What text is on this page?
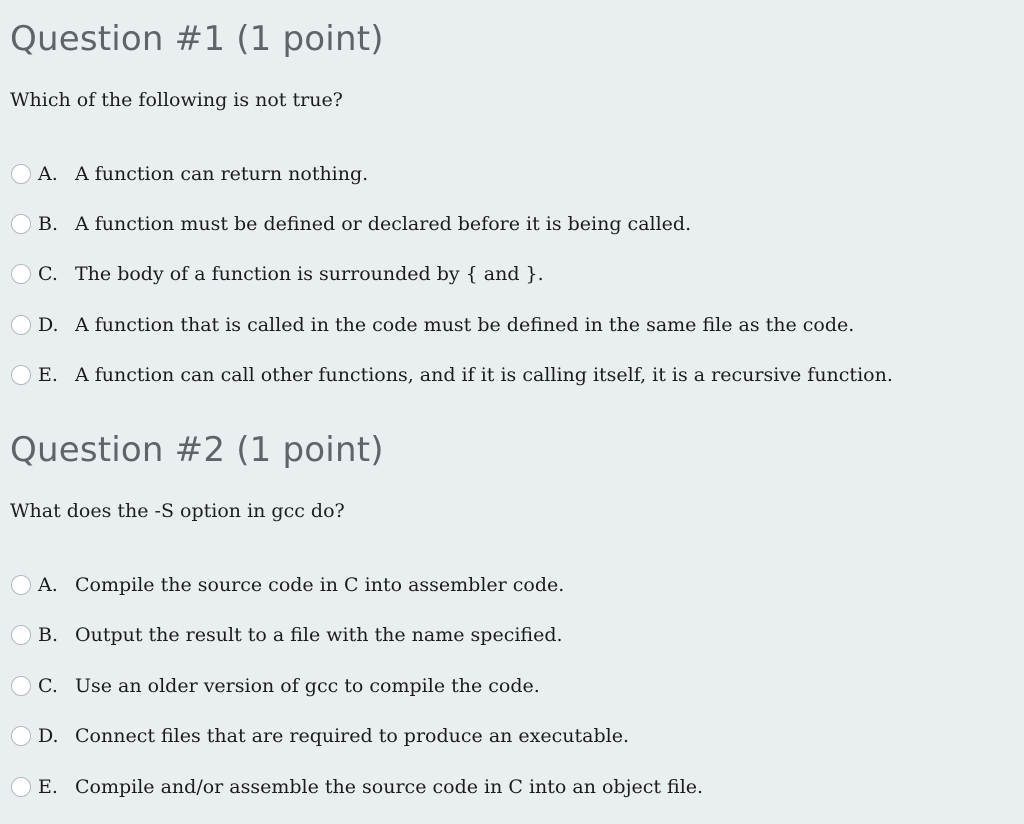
Question #1 (1 point)
Which of the following is not true?
A. A function can return nothing.
B. A function must be defined or declared before it is being called.
C. The body of a function is surrounded by { and }.
D. A function that is called in the code must be defined in the same file as the code.
E. A function can call other functions, and if it is calling itself, it is a recursive function.
Question #2 (1 point)
What does the -S option in gcc do?
A. Compile the source code in C into assembler code.
B. Output the result to a file with the name specified.
C. Use an older version of gcc to compile the code.
D. Connect files that are required to produce an executable.
E. Compile and/or assemble the source code in C into an object file.
